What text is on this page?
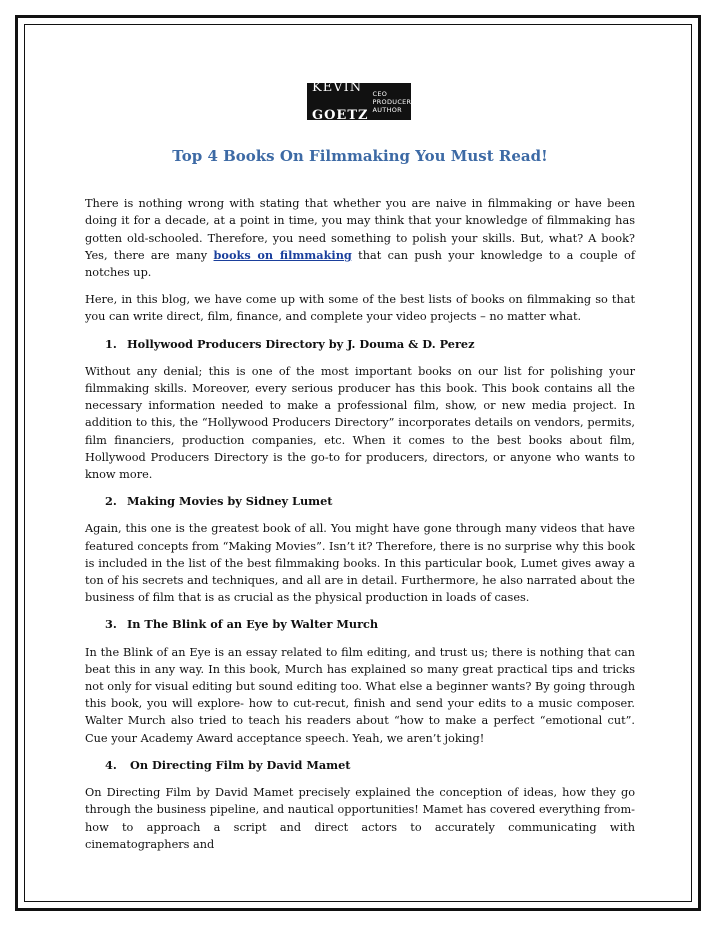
KEVIN

GOETZ

CEO
PRODUCER
AUTHOR
Top 4 Books On Filmmaking You Must Read!

There is nothing wrong with stating that whether you are naive in filmmaking or have been doing it for a decade, at a point in time, you may think that your knowledge of filmmaking has gotten old-schooled. Therefore, you need something to polish your skills. But, what? A book? Yes, there are many books on filmmaking that can push your knowledge to a couple of notches up.

Here, in this blog, we have come up with some of the best lists of books on filmmaking so that you can write direct, film, finance, and complete your video projects – no matter what.

1. Hollywood Producers Directory by J. Douma & D. Perez

Without any denial; this is one of the most important books on our list for polishing your filmmaking skills. Moreover, every serious producer has this book. This book contains all the necessary information needed to make a professional film, show, or new media project. In addition to this, the “Hollywood Producers Directory” incorporates details on vendors, permits, film financiers, production companies, etc. When it comes to the best books about film, Hollywood Producers Directory is the go-to for producers, directors, or anyone who wants to know more.

2. Making Movies by Sidney Lumet

Again, this one is the greatest book of all. You might have gone through many videos that have featured concepts from “Making Movies”. Isn’t it? Therefore, there is no surprise why this book is included in the list of the best filmmaking books. In this particular book, Lumet gives away a ton of his secrets and techniques, and all are in detail. Furthermore, he also narrated about the business of film that is as crucial as the physical production in loads of cases.

3. In The Blink of an Eye by Walter Murch

In the Blink of an Eye is an essay related to film editing, and trust us; there is nothing that can beat this in any way. In this book, Murch has explained so many great practical tips and tricks not only for visual editing but sound editing too. What else a beginner wants? By going through this book, you will explore- how to cut-recut, finish and send your edits to a music composer. Walter Murch also tried to teach his readers about “how to make a perfect “emotional cut”. Cue your Academy Award acceptance speech. Yeah, we aren’t joking!

4.	On Directing Film by David Mamet

On Directing Film by David Mamet precisely explained the conception of ideas, how they go through the business pipeline, and nautical opportunities! Mamet has covered everything from- how to approach a script and direct actors to accurately communicating with cinematographers and
